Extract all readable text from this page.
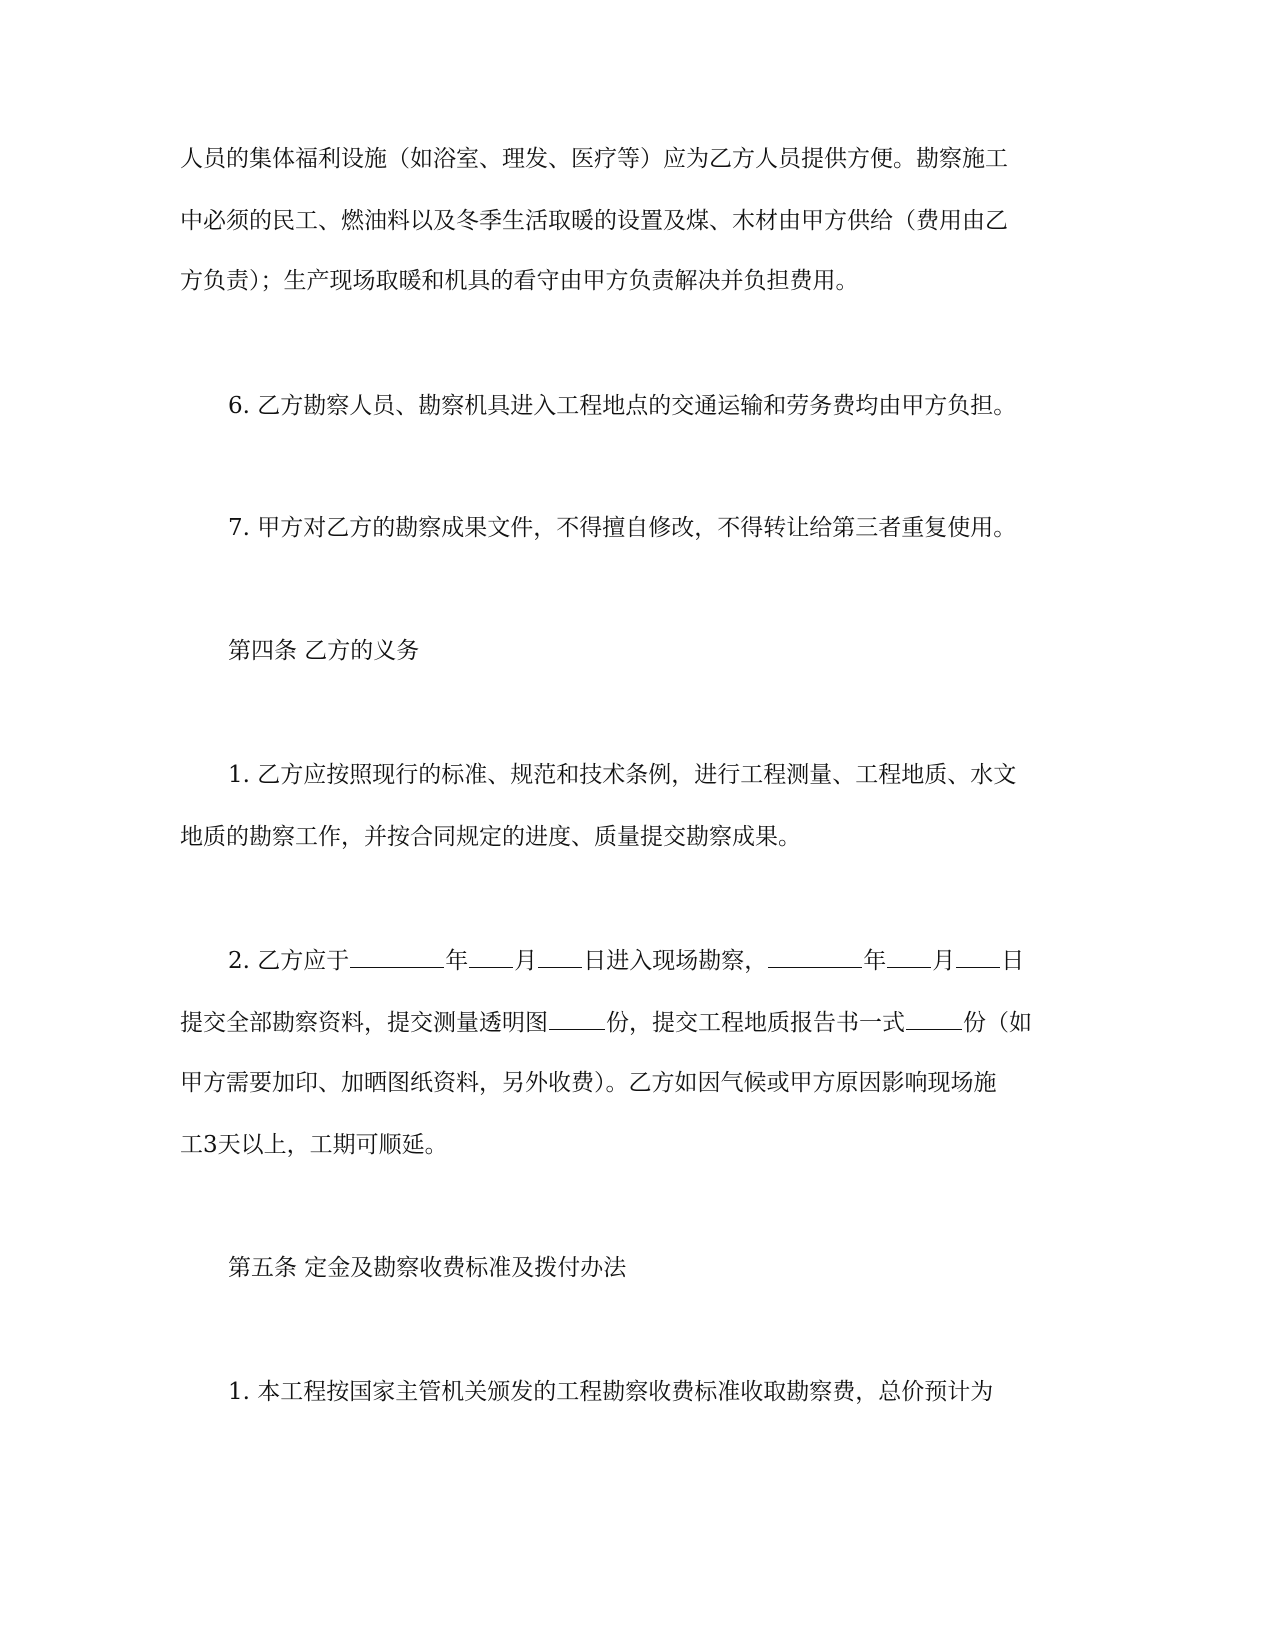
人员的集体福利设施（如浴室、理发、医疗等）应为乙方人员提供方便。勘察施工
中必须的民工、燃油料以及冬季生活取暖的设置及煤、木材由甲方供给（费用由乙
方负责）；生产现场取暖和机具的看守由甲方负责解决并负担费用。
6. 乙方勘察人员、勘察机具进入工程地点的交通运输和劳务费均由甲方负担。
7. 甲方对乙方的勘察成果文件，不得擅自修改，不得转让给第三者重复使用。
第四条 乙方的义务
1. 乙方应按照现行的标准、规范和技术条例，进行工程测量、工程地质、水文
地质的勘察工作，并按合同规定的进度、质量提交勘察成果。
2. 乙方应于	年 月 日进入现场勘察，	年 月 日
提交全部勘察资料，提交测量透明图	份，提交工程地质报告书一式	份（如
甲方需要加印、加晒图纸资料，另外收费）。乙方如因气候或甲方原因影响现场施
工3天以上，工期可顺延。
第五条 定金及勘察收费标准及拨付办法
1. 本工程按国家主管机关颁发的工程勘察收费标准收取勘察费，总价预计为
